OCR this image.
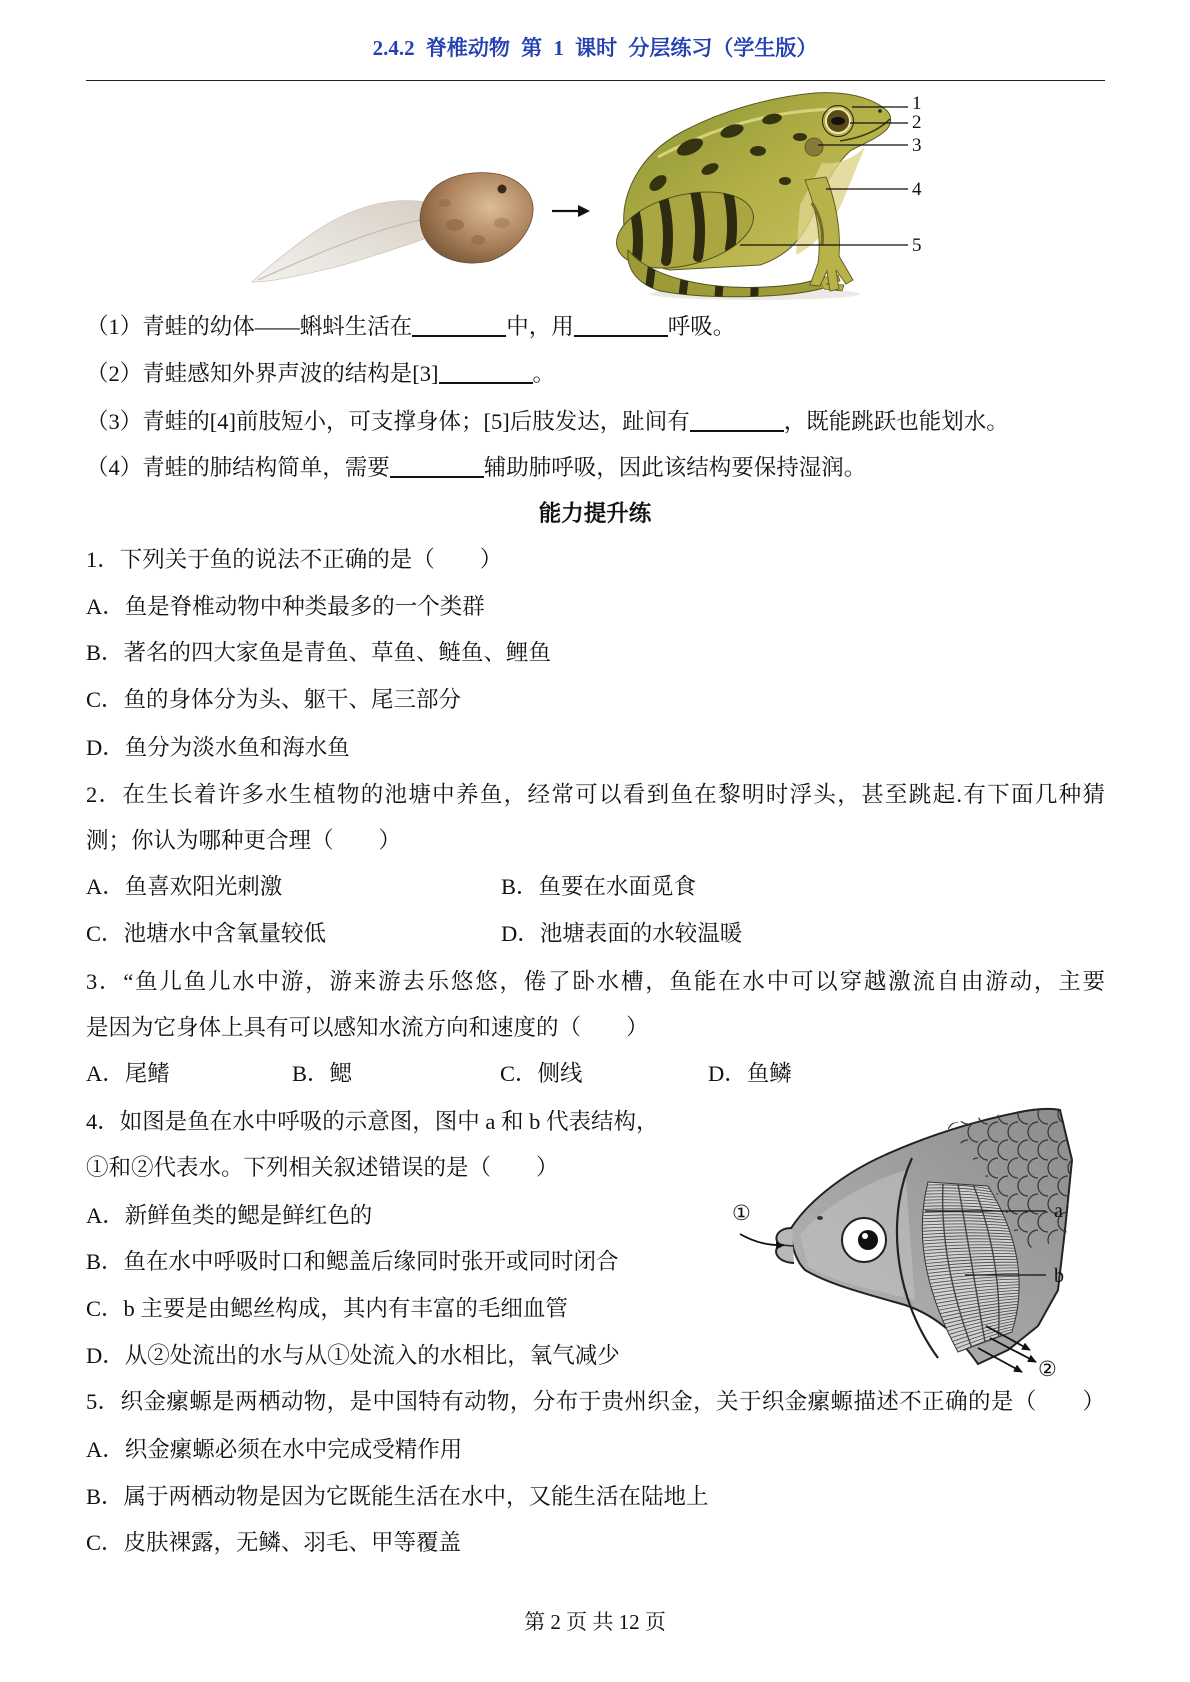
2.4.2 脊椎动物 第 1 课时 分层练习（学生版）
1
2
3
4
5
（1）青蛙的幼体——蝌蚪生活在	中，用	呼吸。
（2）青蛙感知外界声波的结构是[3]	。
（3）青蛙的[4]前肢短小，可支撑身体；[5]后肢发达，趾间有	，既能跳跃也能划水。
（4）青蛙的肺结构简单，需要	辅助肺呼吸，因此该结构要保持湿润。
能力提升练
1．下列关于鱼的说法不正确的是（　　）
A．鱼是脊椎动物中种类最多的一个类群
B．著名的四大家鱼是青鱼、草鱼、鲢鱼、鲤鱼
C．鱼的身体分为头、躯干、尾三部分
D．鱼分为淡水鱼和海水鱼
2．在生长着许多水生植物的池塘中养鱼，经常可以看到鱼在黎明时浮头，甚至跳起.有下面几种猜
测；你认为哪种更合理（　　）
A．鱼喜欢阳光刺激	B．鱼要在水面觅食
C．池塘水中含氧量较低	D．池塘表面的水较温暖
3．“鱼儿鱼儿水中游，游来游去乐悠悠，倦了卧水槽，鱼能在水中可以穿越激流自由游动，主要
是因为它身体上具有可以感知水流方向和速度的（　　）
A．尾鳍	B．鳃	C．侧线	D．鱼鳞
4．如图是鱼在水中呼吸的示意图，图中 a 和 b 代表结构，
①和②代表水。下列相关叙述错误的是（　　）
A．新鲜鱼类的鳃是鲜红色的
B．鱼在水中呼吸时口和鳃盖后缘同时张开或同时闭合
C．b 主要是由鳃丝构成，其内有丰富的毛细血管
D．从②处流出的水与从①处流入的水相比，氧气减少
①	a
b
②
5．织金瘰螈是两栖动物，是中国特有动物，分布于贵州织金，关于织金瘰螈描述不正确的是（　　）
A．织金瘰螈必须在水中完成受精作用
B．属于两栖动物是因为它既能生活在水中，又能生活在陆地上
C．皮肤裸露，无鳞、羽毛、甲等覆盖
第 2 页 共 12 页
